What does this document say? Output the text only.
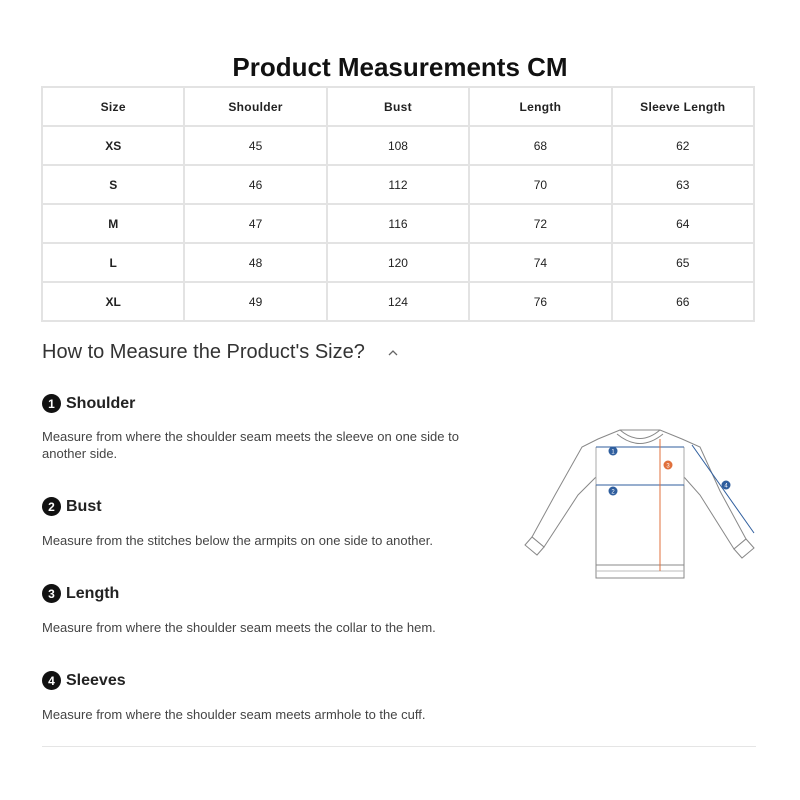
Product Measurements CM
Size	Shoulder	Bust	Length	Sleeve Length
XS	45	108	68	62
S	46	112	70	63
M	47	116	72	64
L	48	120	74	65
XL	49	124	76	66
How to Measure the Product's Size?
1 Shoulder
Measure from where the shoulder seam meets the sleeve on one side to another side.
2 Bust
Measure from the stitches below the armpits on one side to another.
3 Length
Measure from where the shoulder seam meets the collar to the hem.
4 Sleeves
Measure from where the shoulder seam meets armhole to the cuff.
1
2
3
4
